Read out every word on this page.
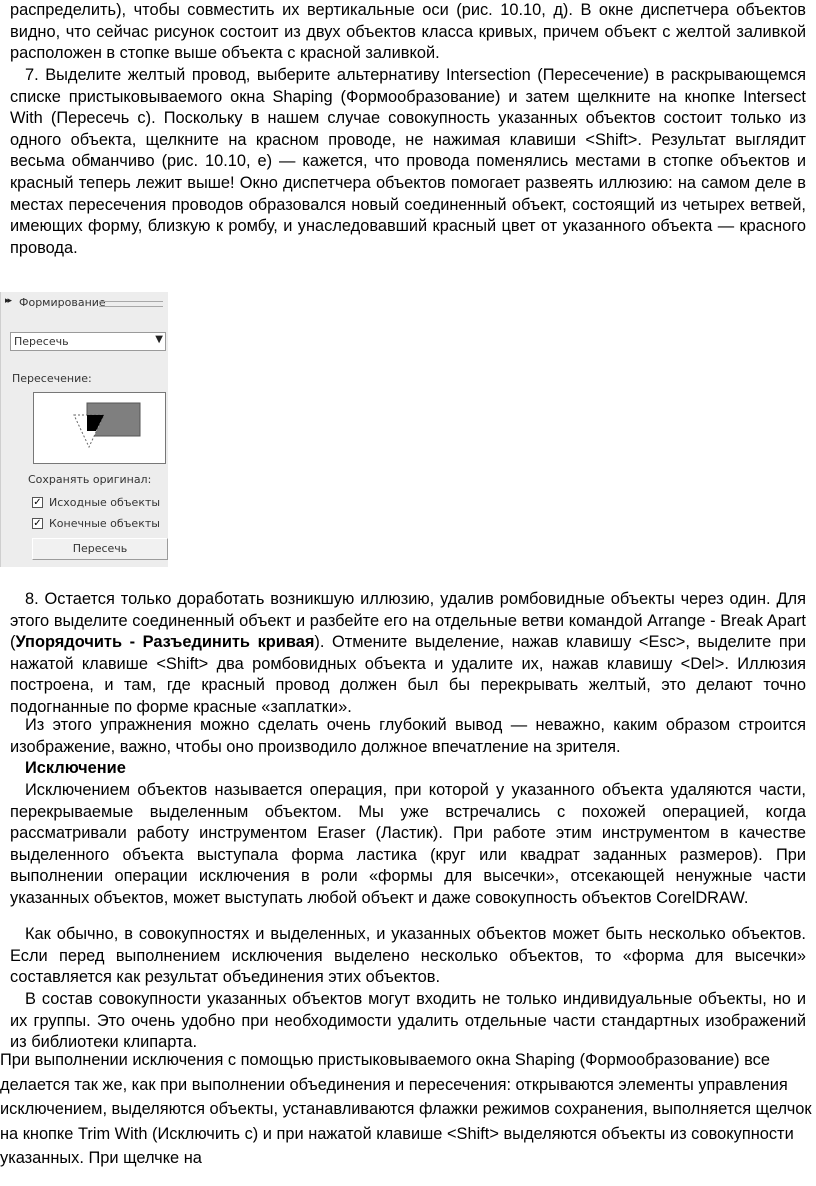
распределить), чтобы совместить их вертикальные оси (рис. 10.10, д). В окне диспетчера объектов видно, что сейчас рисунок состоит из двух объектов класса кривых, причем объект с желтой заливкой расположен в стопке выше объекта с красной заливкой.

7. Выделите желтый провод, выберите альтернативу Intersection (Пересечение) в раскрывающемся списке пристыковываемого окна Shaping (Формообразование) и затем щелкните на кнопке Intersect With (Пересечь с). Поскольку в нашем случае совокупность указанных объектов состоит только из одного объекта, щелкните на красном проводе, не нажимая клавиши <Shift>. Результат выглядит весьма обманчиво (рис. 10.10, е) — кажется, что провода поменялись местами в стопке объектов и красный теперь лежит выше! Окно диспетчера объектов помогает развеять иллюзию: на самом деле в местах пересечения проводов образовался новый соединенный объект, состоящий из четырех ветвей, имеющих форму, близкую к ромбу, и унаследовавший красный цвет от указанного объекта — красного провода.

▸▸ Формирование
Пересечь	▼
Пересечение:
Сохранять оригинал:
✓ Исходные объекты
✓ Конечные объекты
Пересечь

8. Остается только доработать возникшую иллюзию, удалив ромбовидные объекты через один. Для этого выделите соединенный объект и разбейте его на отдельные ветви командой Arrange - Break Apart (Упорядочить - Разъединить кривая). Отмените выделение, нажав клавишу <Esc>, выделите при нажатой клавише <Shift> два ромбовидных объекта и удалите их, нажав клавишу <Del>. Иллюзия построена, и там, где красный провод должен был бы перекрывать желтый, это делают точно подогнанные по форме красные «заплатки».

Из этого упражнения можно сделать очень глубокий вывод — неважно, каким образом строится изображение, важно, чтобы оно производило должное впечатление на зрителя.

Исключение

Исключением объектов называется операция, при которой у указанного объекта удаляются части, перекрываемые выделенным объектом. Мы уже встречались с похожей операцией, когда рассматривали работу инструментом Eraser (Ластик). При работе этим инструментом в качестве выделенного объекта выступала форма ластика (круг или квадрат заданных размеров). При выполнении операции исключения в роли «формы для высечки», отсекающей ненужные части указанных объектов, может выступать любой объект и даже совокупность объектов CorelDRAW.

Как обычно, в совокупностях и выделенных, и указанных объектов может быть несколько объектов. Если перед выполнением исключения выделено несколько объектов, то «форма для высечки» составляется как результат объединения этих объектов.

В состав совокупности указанных объектов могут входить не только индивидуальные объекты, но и их группы. Это очень удобно при необходимости удалить отдельные части стандартных изображений из библиотеки клипарта.

При выполнении исключения с помощью пристыковываемого окна Shaping (Формообразование) все делается так же, как при выполнении объединения и пересечения: открываются элементы управления исключением, выделяются объекты, устанавливаются флажки режимов сохранения, выполняется щелчок на кнопке Trim With (Исключить с) и при нажатой клавише <Shift> выделяются объекты из совокупности указанных. При щелчке на
